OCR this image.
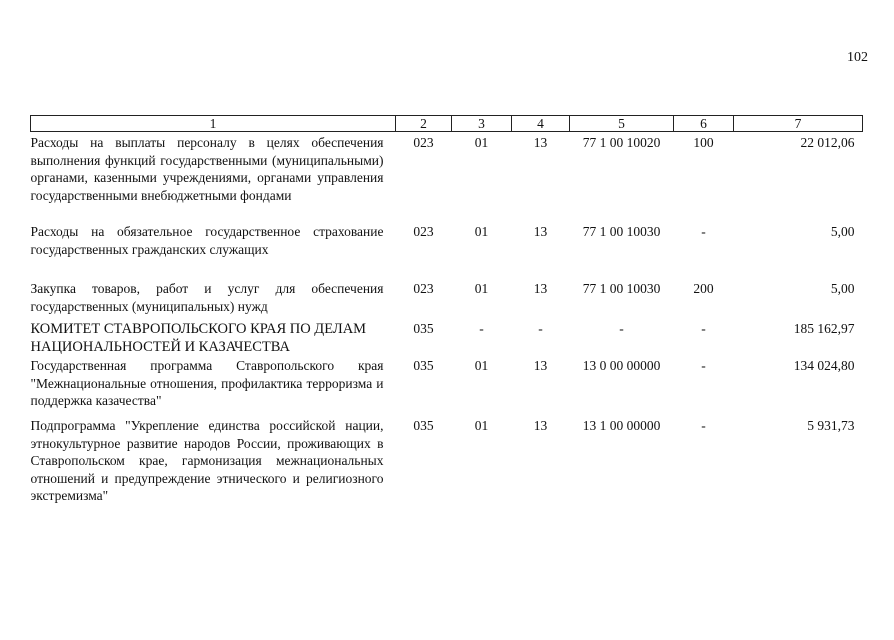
102
1	2	3	4	5	6	7
Расходы на выплаты персоналу в целях обеспечения выполнения функций государственными (муниципальными) органами, казенными учреждениями, органами управления государственными внебюджетными фондами	023	01	13	77 1 00 10020	100	22 012,06
Расходы на обязательное государственное страхование государственных гражданских служащих	023	01	13	77 1 00 10030	-	5,00
Закупка товаров, работ и услуг для обеспечения государственных (муниципальных) нужд	023	01	13	77 1 00 10030	200	5,00
КОМИТЕТ СТАВРОПОЛЬСКОГО КРАЯ ПО ДЕЛАМ НАЦИОНАЛЬНОСТЕЙ И КАЗАЧЕСТВА	035	-	-	-	-	185 162,97
Государственная программа Ставропольского края "Межнациональные отношения, профилактика терроризма и поддержка казачества"	035	01	13	13 0 00 00000	-	134 024,80
Подпрограмма "Укрепление единства российской нации, этнокультурное развитие народов России, проживающих в Ставропольском крае, гармонизация межнациональных отношений и предупреждение этнического и религиозного экстремизма"	035	01	13	13 1 00 00000	-	5 931,73
